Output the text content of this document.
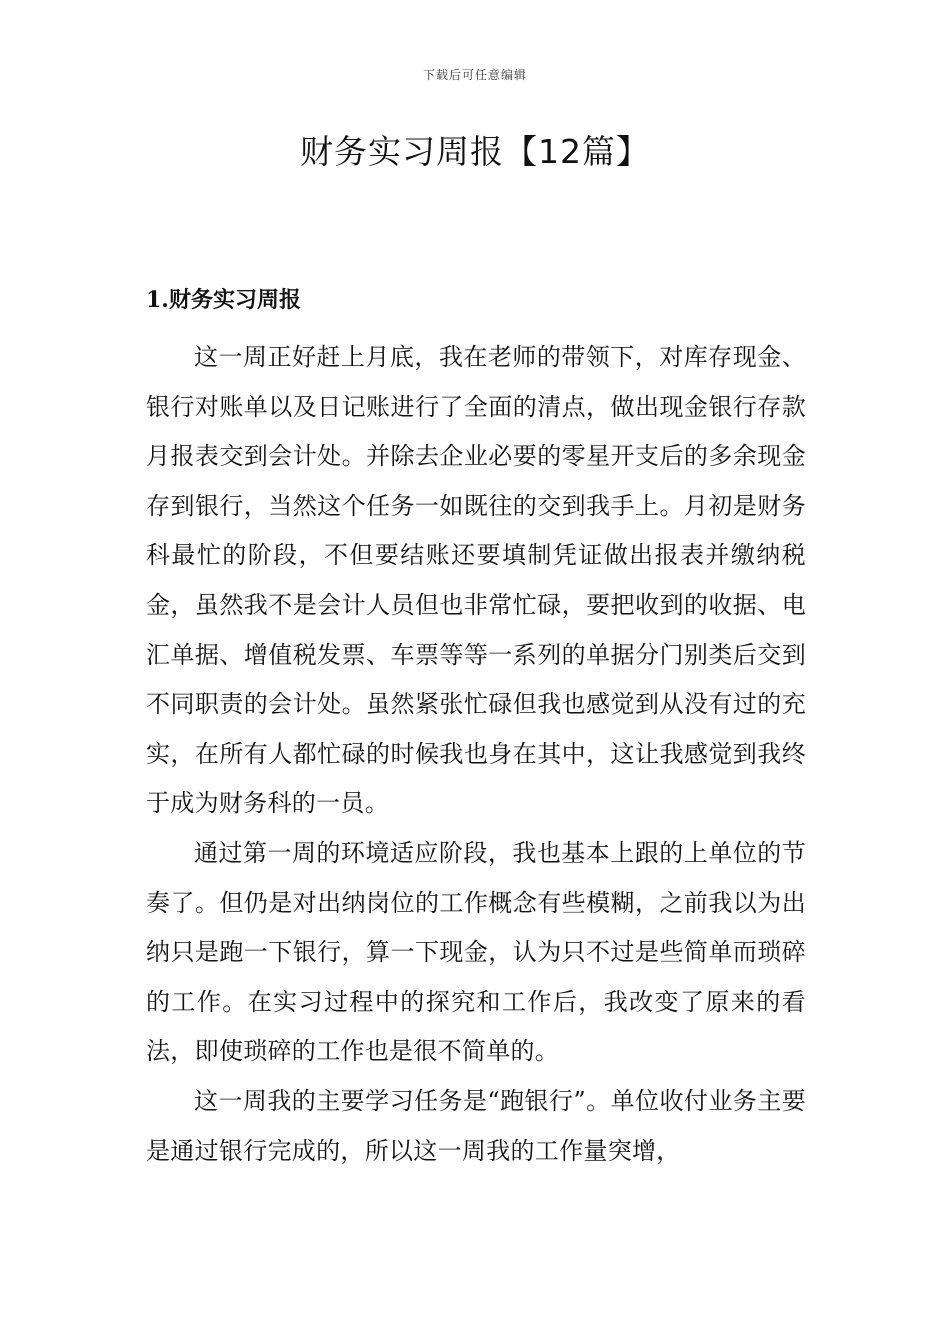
下载后可任意编辑
财务实习周报【12篇】
1.财务实习周报

这一周正好赶上月底，我在老师的带领下，对库存现金、银行对账单以及日记账进行了全面的清点，做出现金银行存款月报表交到会计处。并除去企业必要的零星开支后的多余现金存到银行，当然这个任务一如既往的交到我手上。月初是财务科最忙的阶段，不但要结账还要填制凭证做出报表并缴纳税金，虽然我不是会计人员但也非常忙碌，要把收到的收据、电汇单据、增值税发票、车票等等一系列的单据分门别类后交到不同职责的会计处。虽然紧张忙碌但我也感觉到从没有过的充实，在所有人都忙碌的时候我也身在其中，这让我感觉到我终于成为财务科的一员。

通过第一周的环境适应阶段，我也基本上跟的上单位的节奏了。但仍是对出纳岗位的工作概念有些模糊，之前我以为出纳只是跑一下银行，算一下现金，认为只不过是些简单而琐碎的工作。在实习过程中的探究和工作后，我改变了原来的看法，即使琐碎的工作也是很不简单的。

这一周我的主要学习任务是“跑银行”。单位收付业务主要是通过银行完成的，所以这一周我的工作量突增，
